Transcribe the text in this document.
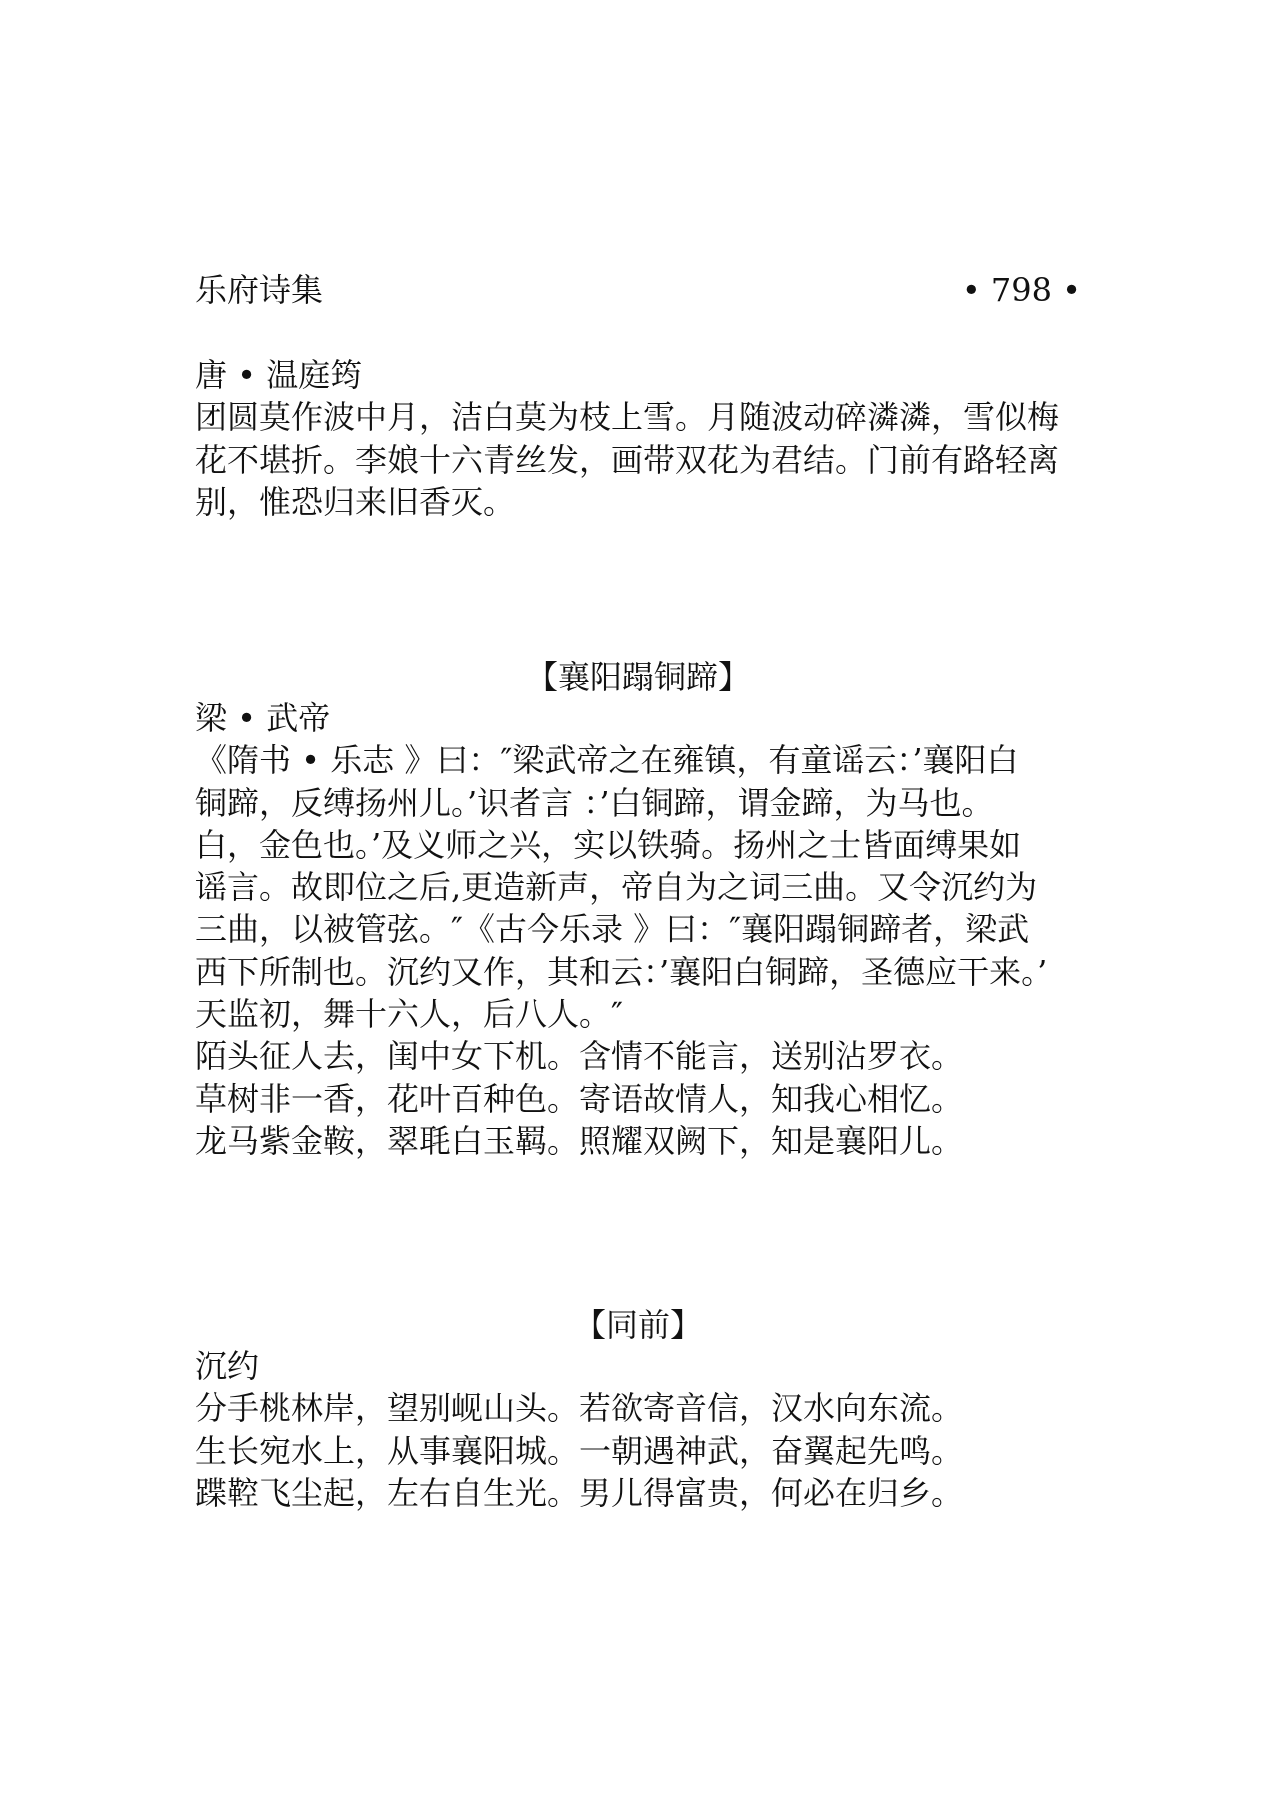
乐府诗集	• 798 •
唐 • 温庭筠
团圆莫作波中月，洁白莫为枝上雪。月随波动碎潾潾，雪似梅
花不堪折。李娘十六青丝发，画带双花为君结。门前有路轻离
别，惟恐归来旧香灭。
【襄阳蹋铜蹄】
梁 • 武帝
《隋书 • 乐志 》曰：″梁武帝之在雍镇，有童谣云：’襄阳白
铜蹄，反缚扬州儿。’识者言 ：’白铜蹄，谓金蹄，为马也。
白，金色也。’及义师之兴，实以铁骑。扬州之士皆面缚果如
谣言。故即位之后,更造新声，帝自为之词三曲。又令沉约为
三曲，以被管弦。″《古今乐录 》曰：″襄阳蹋铜蹄者，梁武
西下所制也。沉约又作，其和云：’襄阳白铜蹄，圣德应干来。’
天监初，舞十六人，后八人。″
陌头征人去，闺中女下机。含情不能言，送别沾罗衣。
草树非一香，花叶百种色。寄语故情人，知我心相忆。
龙马紫金鞍，翠毦白玉羁。照耀双阙下，知是襄阳儿。
【同前】
沉约
分手桃林岸，望别岘山头。若欲寄音信，汉水向东流。
生长宛水上，从事襄阳城。一朝遇神武，奋翼起先鸣。
蹀鞚飞尘起，左右自生光。男儿得富贵，何必在归乡。
